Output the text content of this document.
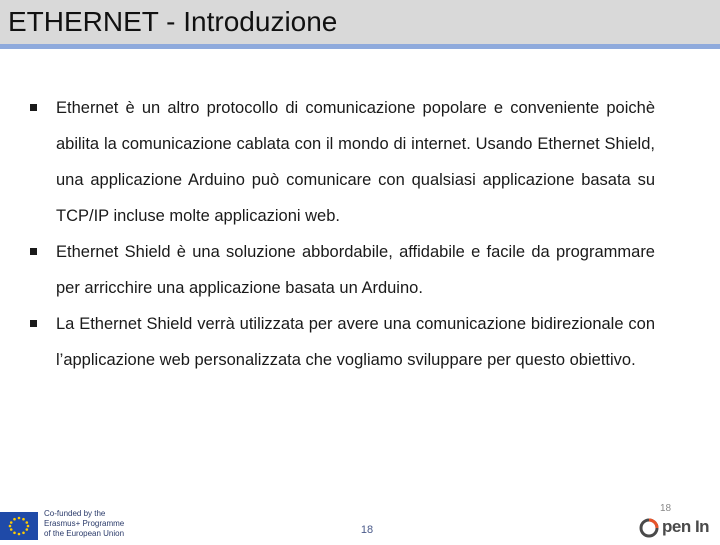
ETHERNET - Introduzione

Ethernet è un altro protocollo di comunicazione popolare e conveniente poichè abilita la comunicazione cablata con il mondo di internet. Usando Ethernet Shield, una applicazione Arduino può comunicare con qualsiasi applicazione basata su TCP/IP incluse molte applicazioni web.

Ethernet Shield è una soluzione abbordabile, affidabile e facile da programmare per arricchire una applicazione basata un Arduino.

La Ethernet Shield verrà utilizzata per avere una comunicazione bidirezionale con l’applicazione web personalizzata che vogliamo sviluppare per questo obiettivo.

Co-funded by the
Erasmus+ Programme
of the European Union
18
18	pen In
